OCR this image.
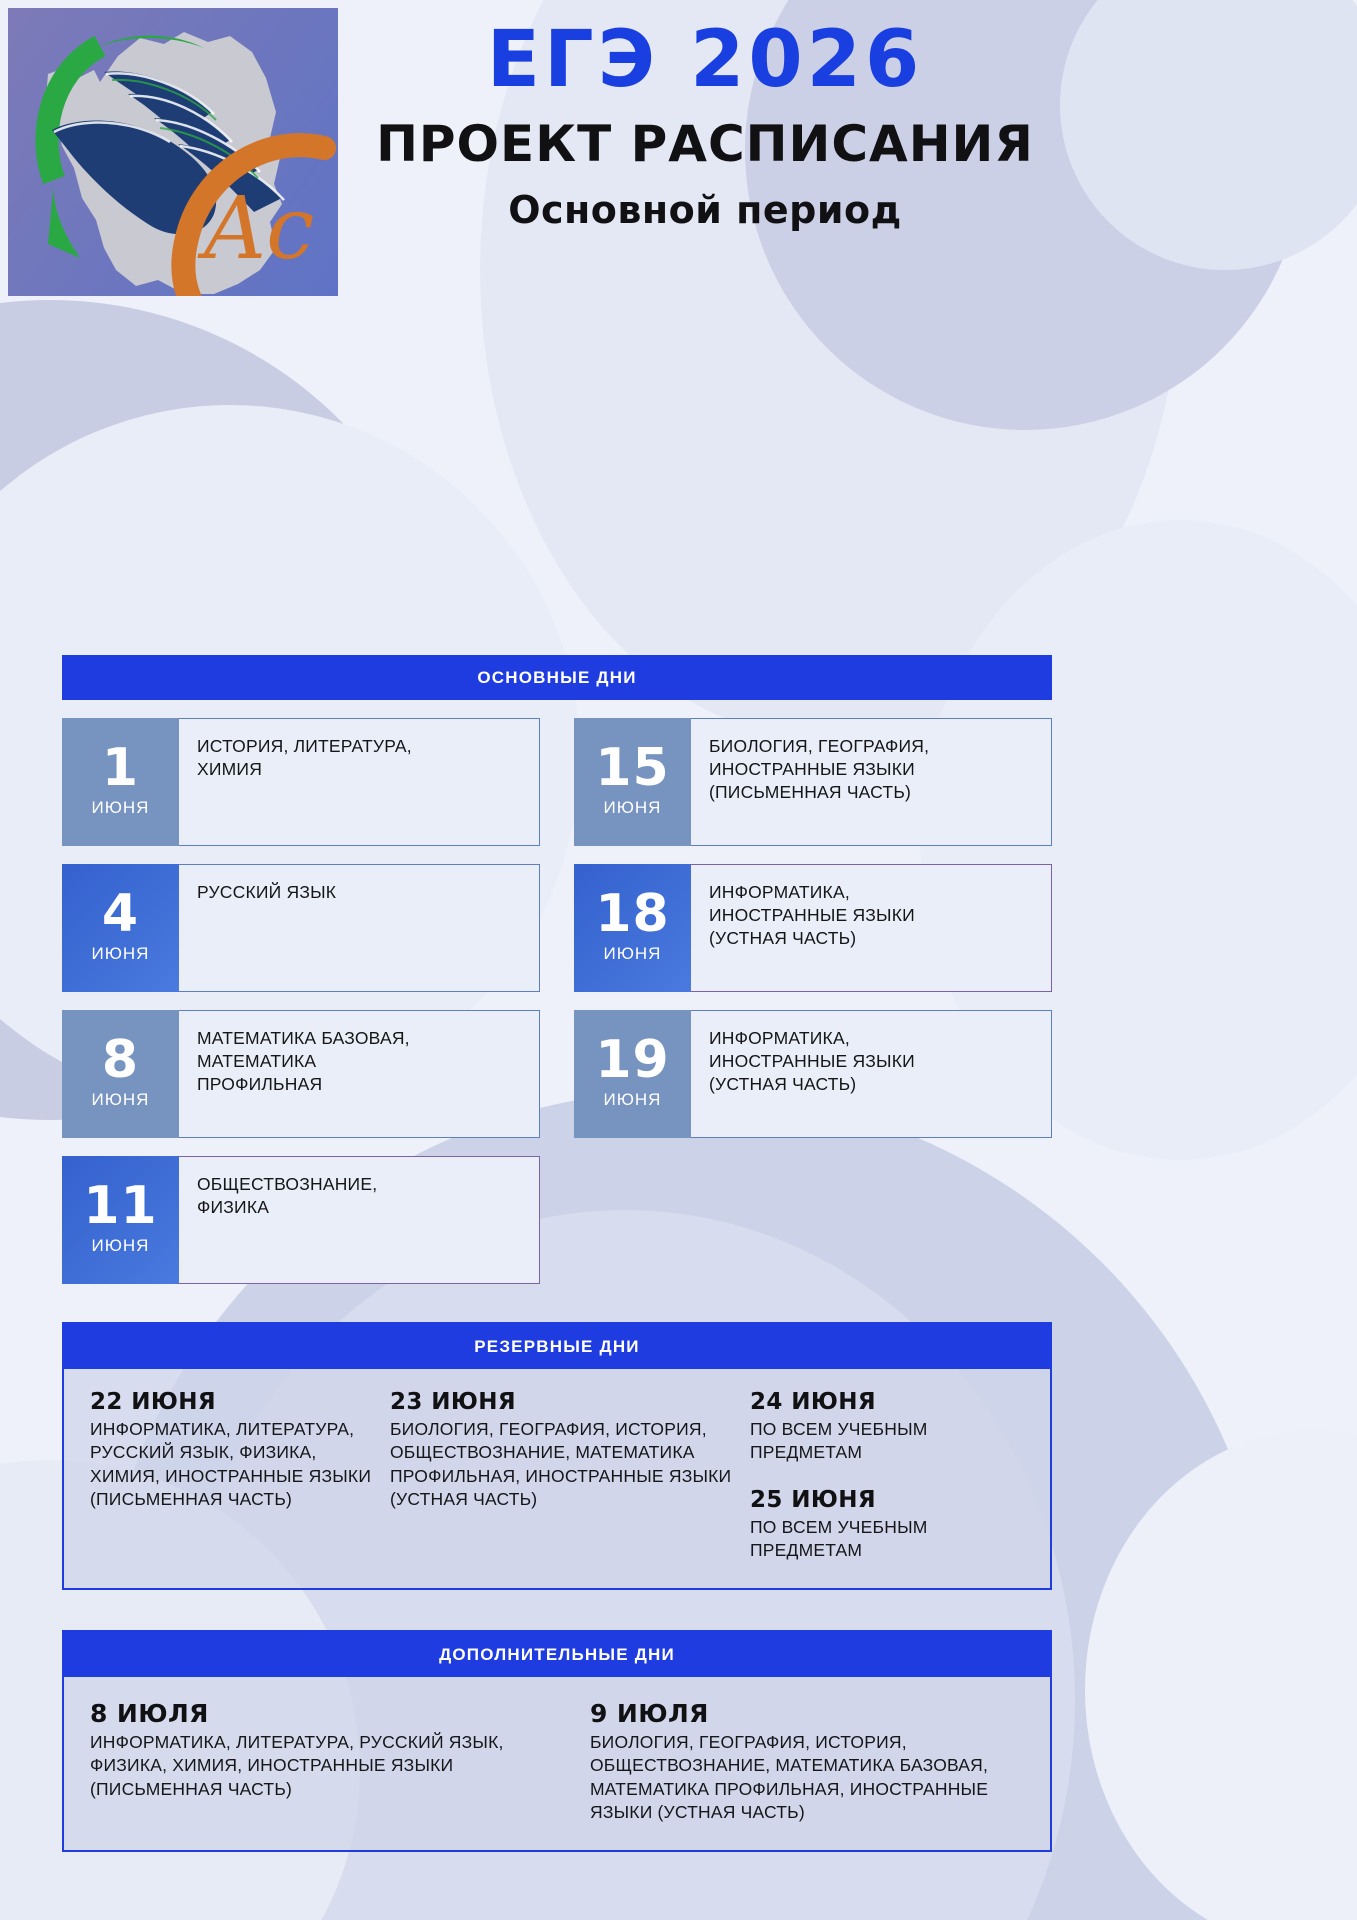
Ac
ЕГЭ 2026
ПРОЕКТ РАСПИСАНИЯ
Основной период
ОСНОВНЫЕ ДНИ
1
ИЮНЯ
ИСТОРИЯ, ЛИТЕРАТУРА,
ХИМИЯ	15
ИЮНЯ
БИОЛОГИЯ, ГЕОГРАФИЯ,
ИНОСТРАННЫЕ ЯЗЫКИ
(ПИСЬМЕННАЯ ЧАСТЬ)
4
ИЮНЯ
РУССКИЙ ЯЗЫК	18
ИЮНЯ
ИНФОРМАТИКА,
ИНОСТРАННЫЕ ЯЗЫКИ
(УСТНАЯ ЧАСТЬ)
8
ИЮНЯ
МАТЕМАТИКА БАЗОВАЯ,
МАТЕМАТИКА
ПРОФИЛЬНАЯ	19
ИЮНЯ
ИНФОРМАТИКА,
ИНОСТРАННЫЕ ЯЗЫКИ
(УСТНАЯ ЧАСТЬ)
11
ИЮНЯ
ОБЩЕСТВОЗНАНИЕ,
ФИЗИКА
РЕЗЕРВНЫЕ ДНИ
22 ИЮНЯ
ИНФОРМАТИКА, ЛИТЕРАТУРА, РУССКИЙ ЯЗЫК, ФИЗИКА, ХИМИЯ, ИНОСТРАННЫЕ ЯЗЫКИ (ПИСЬМЕННАЯ ЧАСТЬ)
23 ИЮНЯ
БИОЛОГИЯ, ГЕОГРАФИЯ, ИСТОРИЯ, ОБЩЕСТВОЗНАНИЕ, МАТЕМАТИКА ПРОФИЛЬНАЯ, ИНОСТРАННЫЕ ЯЗЫКИ (УСТНАЯ ЧАСТЬ)
24 ИЮНЯ
ПО ВСЕМ УЧЕБНЫМ ПРЕДМЕТАМ
25 ИЮНЯ
ПО ВСЕМ УЧЕБНЫМ ПРЕДМЕТАМ
ДОПОЛНИТЕЛЬНЫЕ ДНИ
8 ИЮЛЯ
ИНФОРМАТИКА, ЛИТЕРАТУРА, РУССКИЙ ЯЗЫК, ФИЗИКА, ХИМИЯ, ИНОСТРАННЫЕ ЯЗЫКИ (ПИСЬМЕННАЯ ЧАСТЬ)
9 ИЮЛЯ
БИОЛОГИЯ, ГЕОГРАФИЯ, ИСТОРИЯ, ОБЩЕСТВОЗНАНИЕ, МАТЕМАТИКА БАЗОВАЯ, МАТЕМАТИКА ПРОФИЛЬНАЯ, ИНОСТРАННЫЕ ЯЗЫКИ (УСТНАЯ ЧАСТЬ)
